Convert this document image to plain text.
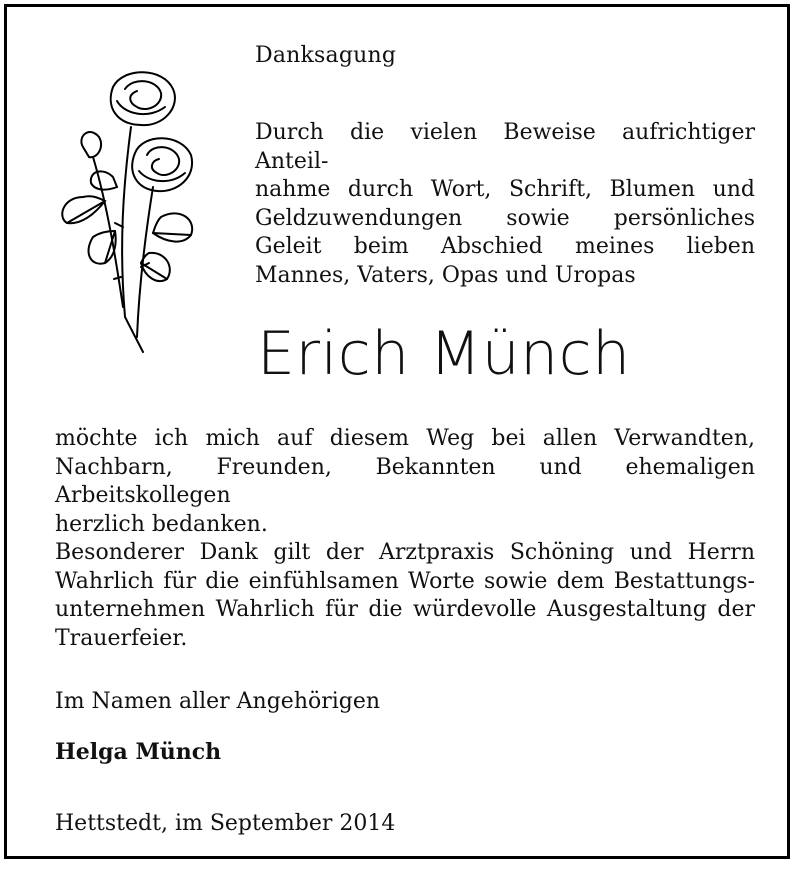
Danksagung
Durch die vielen Beweise aufrichtiger Anteil-
nahme durch Wort, Schrift, Blumen und
Geldzuwendungen sowie persönliches
Geleit beim Abschied meines lieben
Mannes, Vaters, Opas und Uropas
Erich Münch
möchte ich mich auf diesem Weg bei allen Verwandten,
Nachbarn, Freunden, Bekannten und ehemaligen Arbeitskollegen
herzlich bedanken.
Besonderer Dank gilt der Arztpraxis Schöning und Herrn
Wahrlich für die einfühlsamen Worte sowie dem Bestattungs-
unternehmen Wahrlich für die würdevolle Ausgestaltung der
Trauerfeier.
Im Namen aller Angehörigen
Helga Münch
Hettstedt, im September 2014
